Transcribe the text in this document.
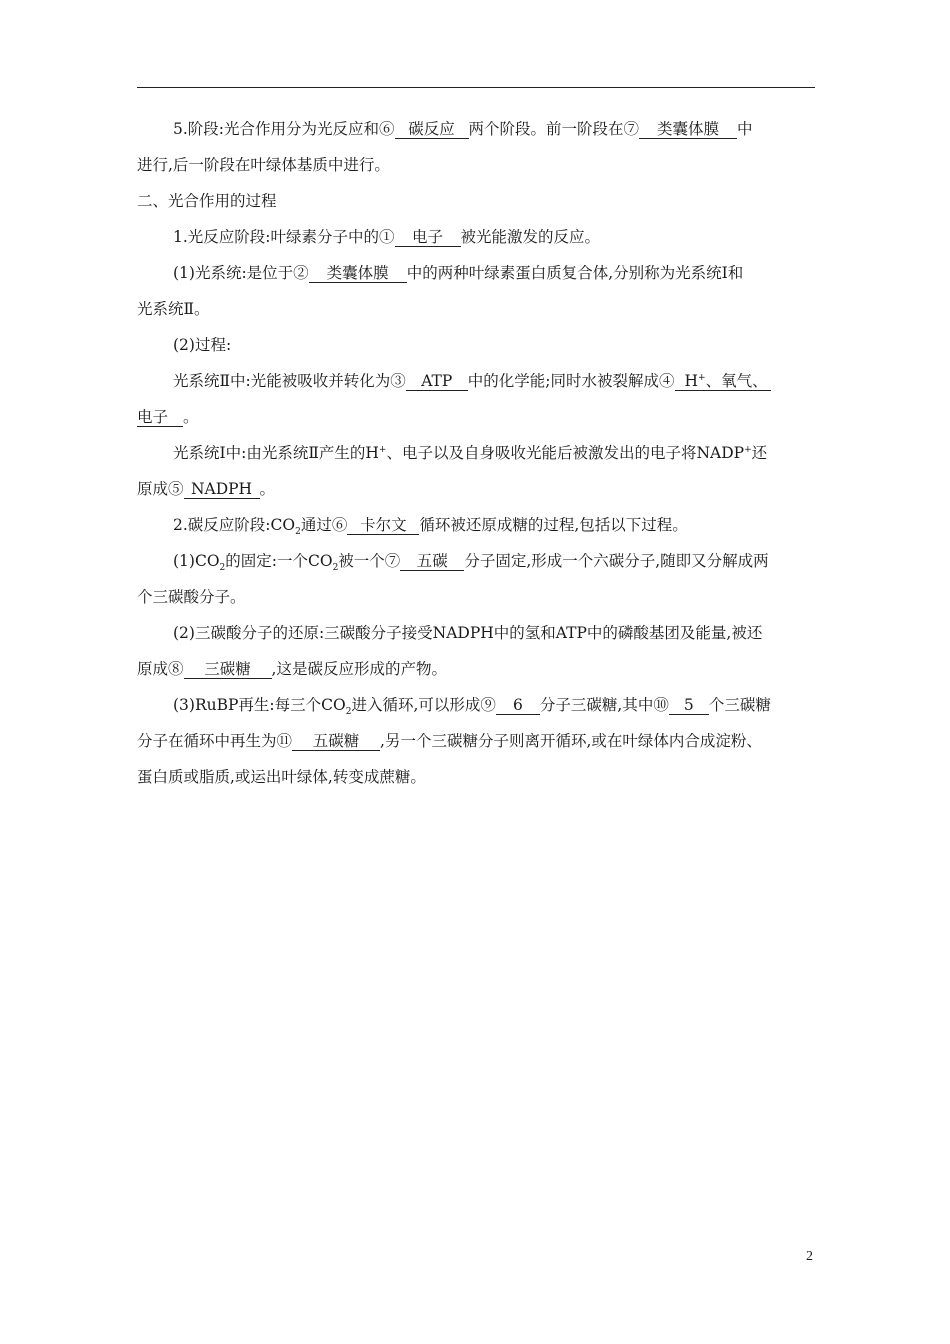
5.阶段:光合作用分为光反应和⑥ 碳反应 两个阶段。前一阶段在⑦ 类囊体膜 中
进行,后一阶段在叶绿体基质中进行。
二、光合作用的过程
1.光反应阶段:叶绿素分子中的① 电子 被光能激发的反应。
(1)光系统:是位于② 类囊体膜 中的两种叶绿素蛋白质复合体,分别称为光系统Ⅰ和
光系统Ⅱ。
(2)过程:
光系统Ⅱ中:光能被吸收并转化为③ ATP 中的化学能;同时水被裂解成④ H+、氧气、
电子 。
光系统Ⅰ中:由光系统Ⅱ产生的H+、电子以及自身吸收光能后被激发出的电子将NADP+还
原成⑤ NADPH 。
2.碳反应阶段$:CO_2$通过⑥ 卡尔文 循环被还原成糖的过程,包括以下过程。
$(1)CO_2$的固定:一个$CO_2$被一个⑦ 五碳 分子固定,形成一个六碳分子,随即又分解成两
个三碳酸分子。
(2)三碳酸分子的还原:三碳酸分子接受NADPH中的氢和ATP中的磷酸基团及能量,被还
原成⑧ 三碳糖 ,这是碳反应形成的产物。
(3)RuBP再生:每三个$CO_2$进入循环,可以形成⑨ 6 分子三碳糖,其中⑩ 5 个三碳糖
分子在循环中再生为⑪ 五碳糖 ,另一个三碳糖分子则离开循环,或在叶绿体内合成淀粉、
蛋白质或脂质,或运出叶绿体,转变成蔗糖。
2
